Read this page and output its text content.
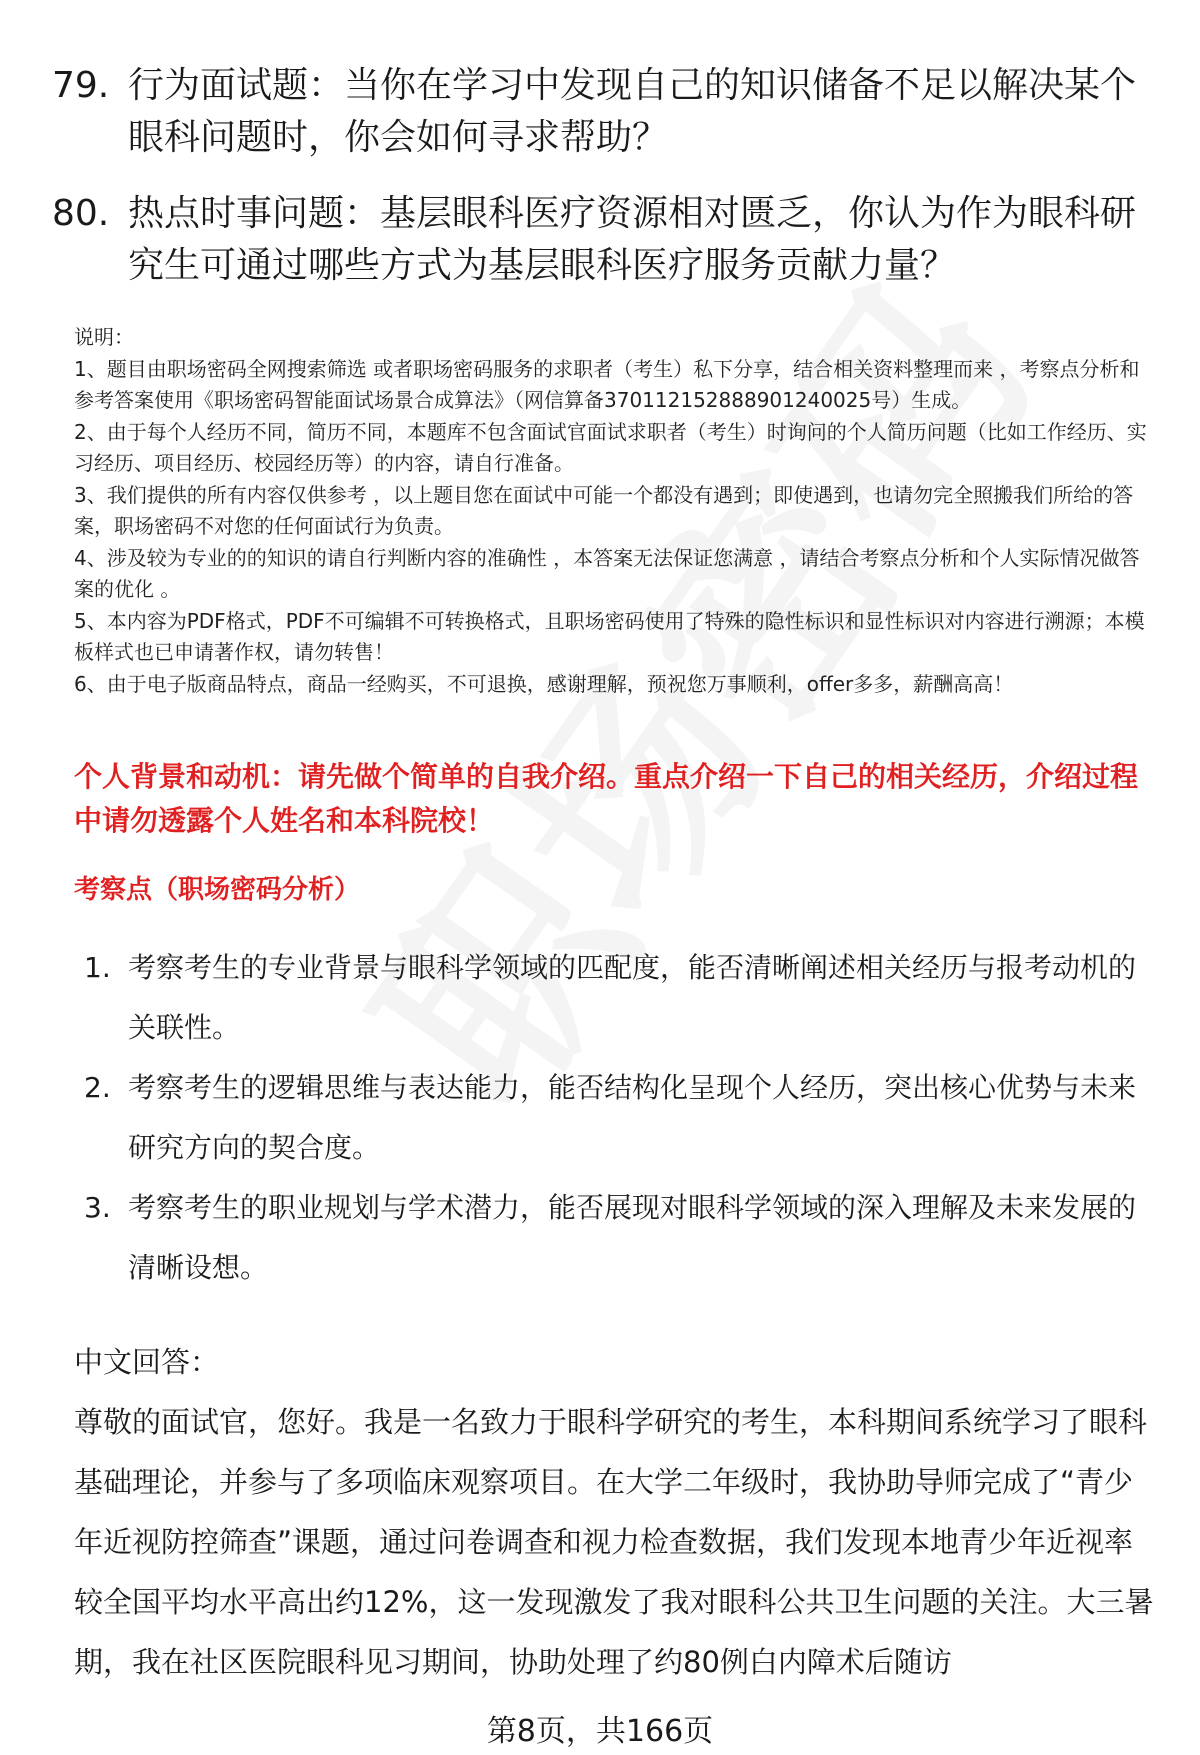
79. 行为面试题：当你在学习中发现自己的知识储备不足以解决某个眼科问题时，你会如何寻求帮助？
80. 热点时事问题：基层眼科医疗资源相对匮乏，你认为作为眼科研究生可通过哪些方式为基层眼科医疗服务贡献力量？

说明：

1、题目由职场密码全网搜索筛选 或者职场密码服务的求职者（考生）私下分享，结合相关资料整理而来 ，考察点分析和参考答案使用《职场密码智能面试场景合成算法》（网信算备370112152888901240025号）生成。

2、由于每个人经历不同，简历不同，本题库不包含面试官面试求职者（考生）时询问的个人简历问题（比如工作经历、实习经历、项目经历、校园经历等）的内容，请自行准备。

3、我们提供的所有内容仅供参考 ，以上题目您在面试中可能一个都没有遇到；即使遇到，也请勿完全照搬我们所给的答案，职场密码不对您的任何面试行为负责。

4、涉及较为专业的的知识的请自行判断内容的准确性 ，本答案无法保证您满意 ，请结合考察点分析和个人实际情况做答案的优化 。

5、本内容为PDF格式，PDF不可编辑不可转换格式，且职场密码使用了特殊的隐性标识和显性标识对内容进行溯源；本模板样式也已申请著作权，请勿转售！

6、由于电子版商品特点，商品一经购买，不可退换，感谢理解，预祝您万事顺利，offer多多，薪酬高高！

个人背景和动机：请先做个简单的自我介绍。重点介绍一下自己的相关经历，介绍过程中请勿透露个人姓名和本科院校！
考察点（职场密码分析）
1. 考察考生的专业背景与眼科学领域的匹配度，能否清晰阐述相关经历与报考动机的关联性。
2. 考察考生的逻辑思维与表达能力，能否结构化呈现个人经历，突出核心优势与未来研究方向的契合度。
3. 考察考生的职业规划与学术潜力，能否展现对眼科学领域的深入理解及未来发展的清晰设想。

中文回答：

尊敬的面试官，您好。我是一名致力于眼科学研究的考生，本科期间系统学习了眼科基础理论，并参与了多项临床观察项目。在大学二年级时，我协助导师完成了“青少年近视防控筛查”课题，通过问卷调查和视力检查数据，我们发现本地青少年近视率较全国平均水平高出约12%，这一发现激发了我对眼科公共卫生问题的关注。大三暑期，我在社区医院眼科见习期间，协助处理了约80例白内障术后随访

第8页，共166页
